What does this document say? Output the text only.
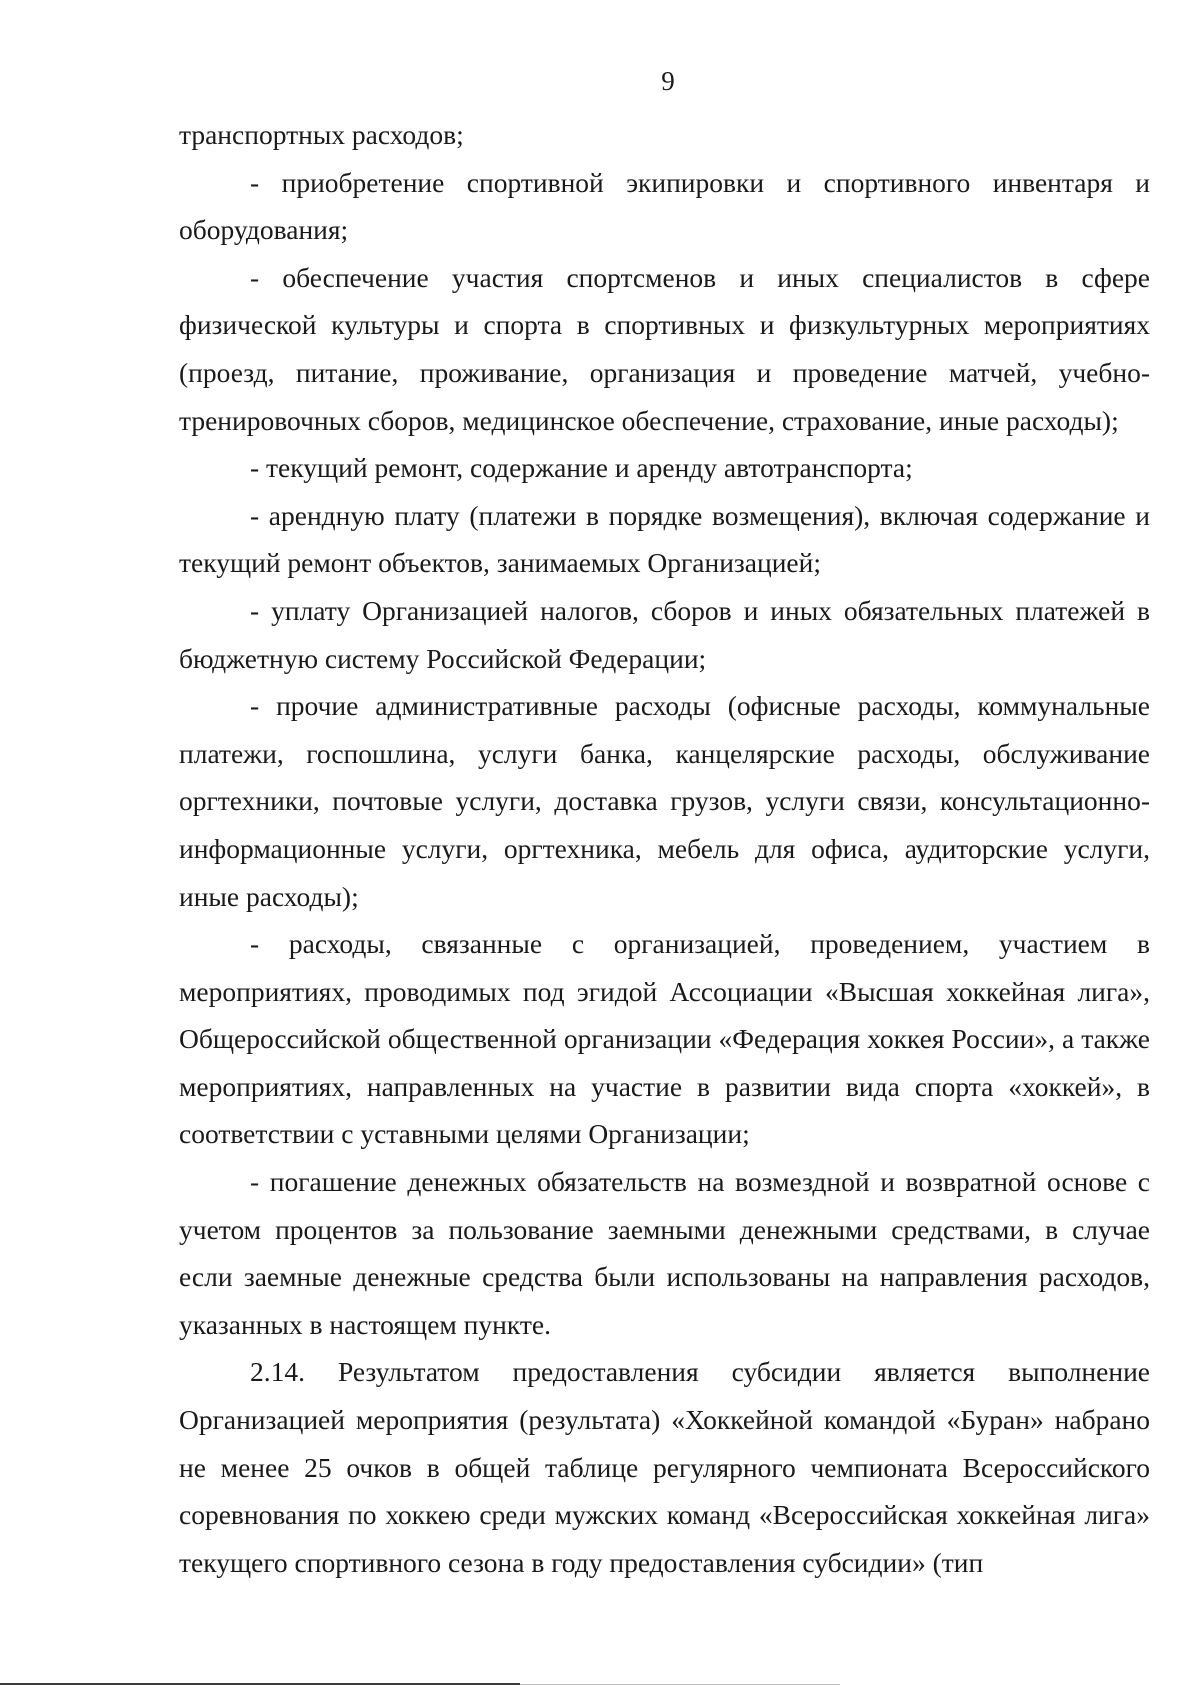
9

транспортных расходов;

- приобретение спортивной экипировки и спортивного инвентаря и оборудования;

- обеспечение участия спортсменов и иных специалистов в сфере физической культуры и спорта в спортивных и физкультурных мероприятиях (проезд, питание, проживание, организация и проведение матчей, учебно-тренировочных сборов, медицинское обеспечение, страхование, иные расходы);

- текущий ремонт, содержание и аренду автотранспорта;

- арендную плату (платежи в порядке возмещения), включая содержание и текущий ремонт объектов, занимаемых Организацией;

- уплату Организацией налогов, сборов и иных обязательных платежей в бюджетную систему Российской Федерации;

- прочие административные расходы (офисные расходы, коммунальные платежи, госпошлина, услуги банка, канцелярские расходы, обслуживание оргтехники, почтовые услуги, доставка грузов, услуги связи, консультационно-информационные услуги, оргтехника, мебель для офиса, аудиторские услуги, иные расходы);

- расходы, связанные с организацией, проведением, участием в мероприятиях, проводимых под эгидой Ассоциации «Высшая хоккейная лига», Общероссийской общественной организации «Федерация хоккея России», а также мероприятиях, направленных на участие в развитии вида спорта «хоккей», в соответствии с уставными целями Организации;

- погашение денежных обязательств на возмездной и возвратной основе с учетом процентов за пользование заемными денежными средствами, в случае если заемные денежные средства были использованы на направления расходов, указанных в настоящем пункте.

2.14. Результатом предоставления субсидии является выполнение Организацией мероприятия (результата) «Хоккейной командой «Буран» набрано не менее 25 очков в общей таблице регулярного чемпионата Всероссийского соревнования по хоккею среди мужских команд «Всероссийская хоккейная лига» текущего спортивного сезона в году предоставления субсидии» (тип
